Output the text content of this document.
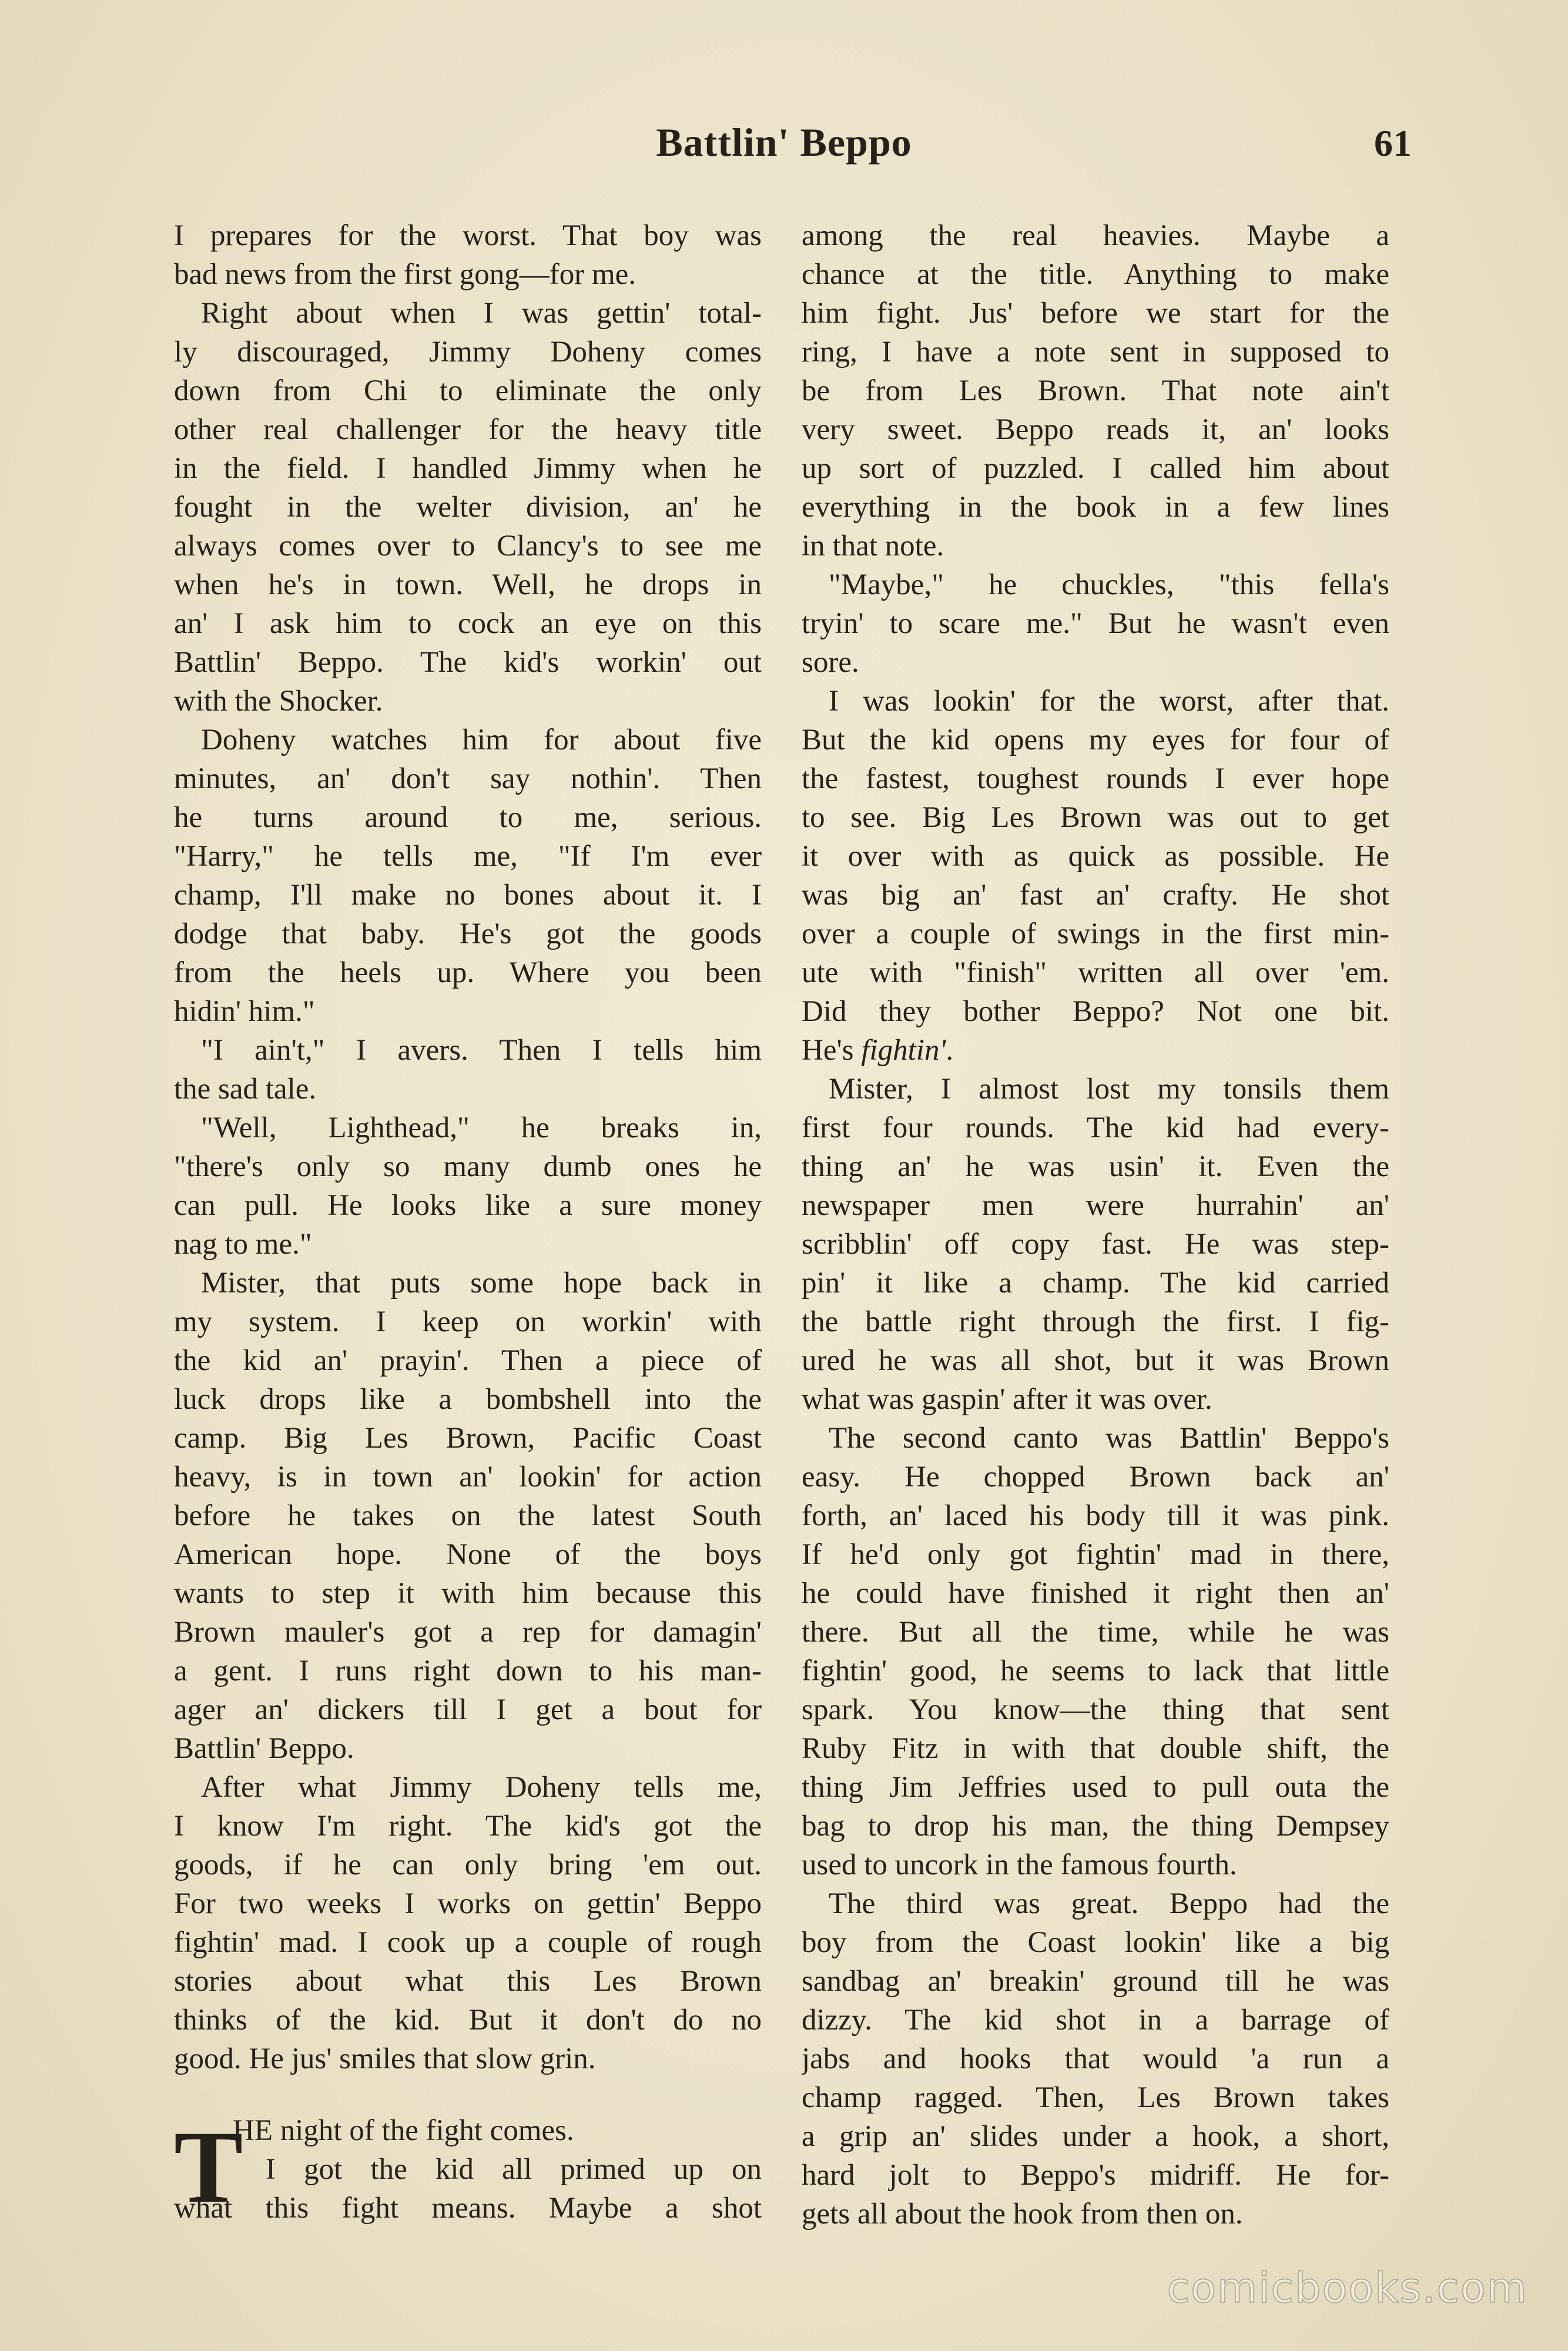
Battlin' Beppo	61
I prepares for the worst. That boy was
bad news from the first gong—for me.
Right about when I was gettin' total-
ly discouraged, Jimmy Doheny comes
down from Chi to eliminate the only
other real challenger for the heavy title
in the field. I handled Jimmy when he
fought in the welter division, an' he
always comes over to Clancy's to see me
when he's in town. Well, he drops in
an' I ask him to cock an eye on this
Battlin' Beppo. The kid's workin' out
with the Shocker.
Doheny watches him for about five
minutes, an' don't say nothin'. Then
he turns around to me, serious.
"Harry," he tells me, "If I'm ever
champ, I'll make no bones about it. I
dodge that baby. He's got the goods
from the heels up. Where you been
hidin' him."
"I ain't," I avers. Then I tells him
the sad tale.
"Well, Lighthead," he breaks in,
"there's only so many dumb ones he
can pull. He looks like a sure money
nag to me."
Mister, that puts some hope back in
my system. I keep on workin' with
the kid an' prayin'. Then a piece of
luck drops like a bombshell into the
camp. Big Les Brown, Pacific Coast
heavy, is in town an' lookin' for action
before he takes on the latest South
American hope. None of the boys
wants to step it with him because this
Brown mauler's got a rep for damagin'
a gent. I runs right down to his man-
ager an' dickers till I get a bout for
Battlin' Beppo.
After what Jimmy Doheny tells me,
I know I'm right. The kid's got the
goods, if he can only bring 'em out.
For two weeks I works on gettin' Beppo
fightin' mad. I cook up a couple of rough
stories about what this Les Brown
thinks of the kid. But it don't do no
good. He jus' smiles that slow grin.
among the real heavies. Maybe a
chance at the title. Anything to make
him fight. Jus' before we start for the
ring, I have a note sent in supposed to
be from Les Brown. That note ain't
very sweet. Beppo reads it, an' looks
up sort of puzzled. I called him about
everything in the book in a few lines
in that note.
"Maybe," he chuckles, "this fella's
tryin' to scare me." But he wasn't even
sore.
I was lookin' for the worst, after that.
But the kid opens my eyes for four of
the fastest, toughest rounds I ever hope
to see. Big Les Brown was out to get
it over with as quick as possible. He
was big an' fast an' crafty. He shot
over a couple of swings in the first min-
ute with "finish" written all over 'em.
Did they bother Beppo? Not one bit.
He's fightin'.
Mister, I almost lost my tonsils them
first four rounds. The kid had every-
thing an' he was usin' it. Even the
newspaper men were hurrahin' an'
scribblin' off copy fast. He was step-
pin' it like a champ. The kid carried
the battle right through the first. I fig-
ured he was all shot, but it was Brown
what was gaspin' after it was over.
The second canto was Battlin' Beppo's
easy. He chopped Brown back an'
forth, an' laced his body till it was pink.
If he'd only got fightin' mad in there,
he could have finished it right then an'
there. But all the time, while he was
fightin' good, he seems to lack that little
spark. You know—the thing that sent
Ruby Fitz in with that double shift, the
thing Jim Jeffries used to pull outa the
bag to drop his man, the thing Dempsey
used to uncork in the famous fourth.
The third was great. Beppo had the
boy from the Coast lookin' like a big
sandbag an' breakin' ground till he was
dizzy. The kid shot in a barrage of
jabs and hooks that would 'a run a
champ ragged. Then, Les Brown takes
a grip an' slides under a hook, a short,
hard jolt to Beppo's midriff. He for-
gets all about the hook from then on.
T
HE night of the fight comes.
I got the kid all primed up on
what this fight means. Maybe a shot
comicbooks.com
